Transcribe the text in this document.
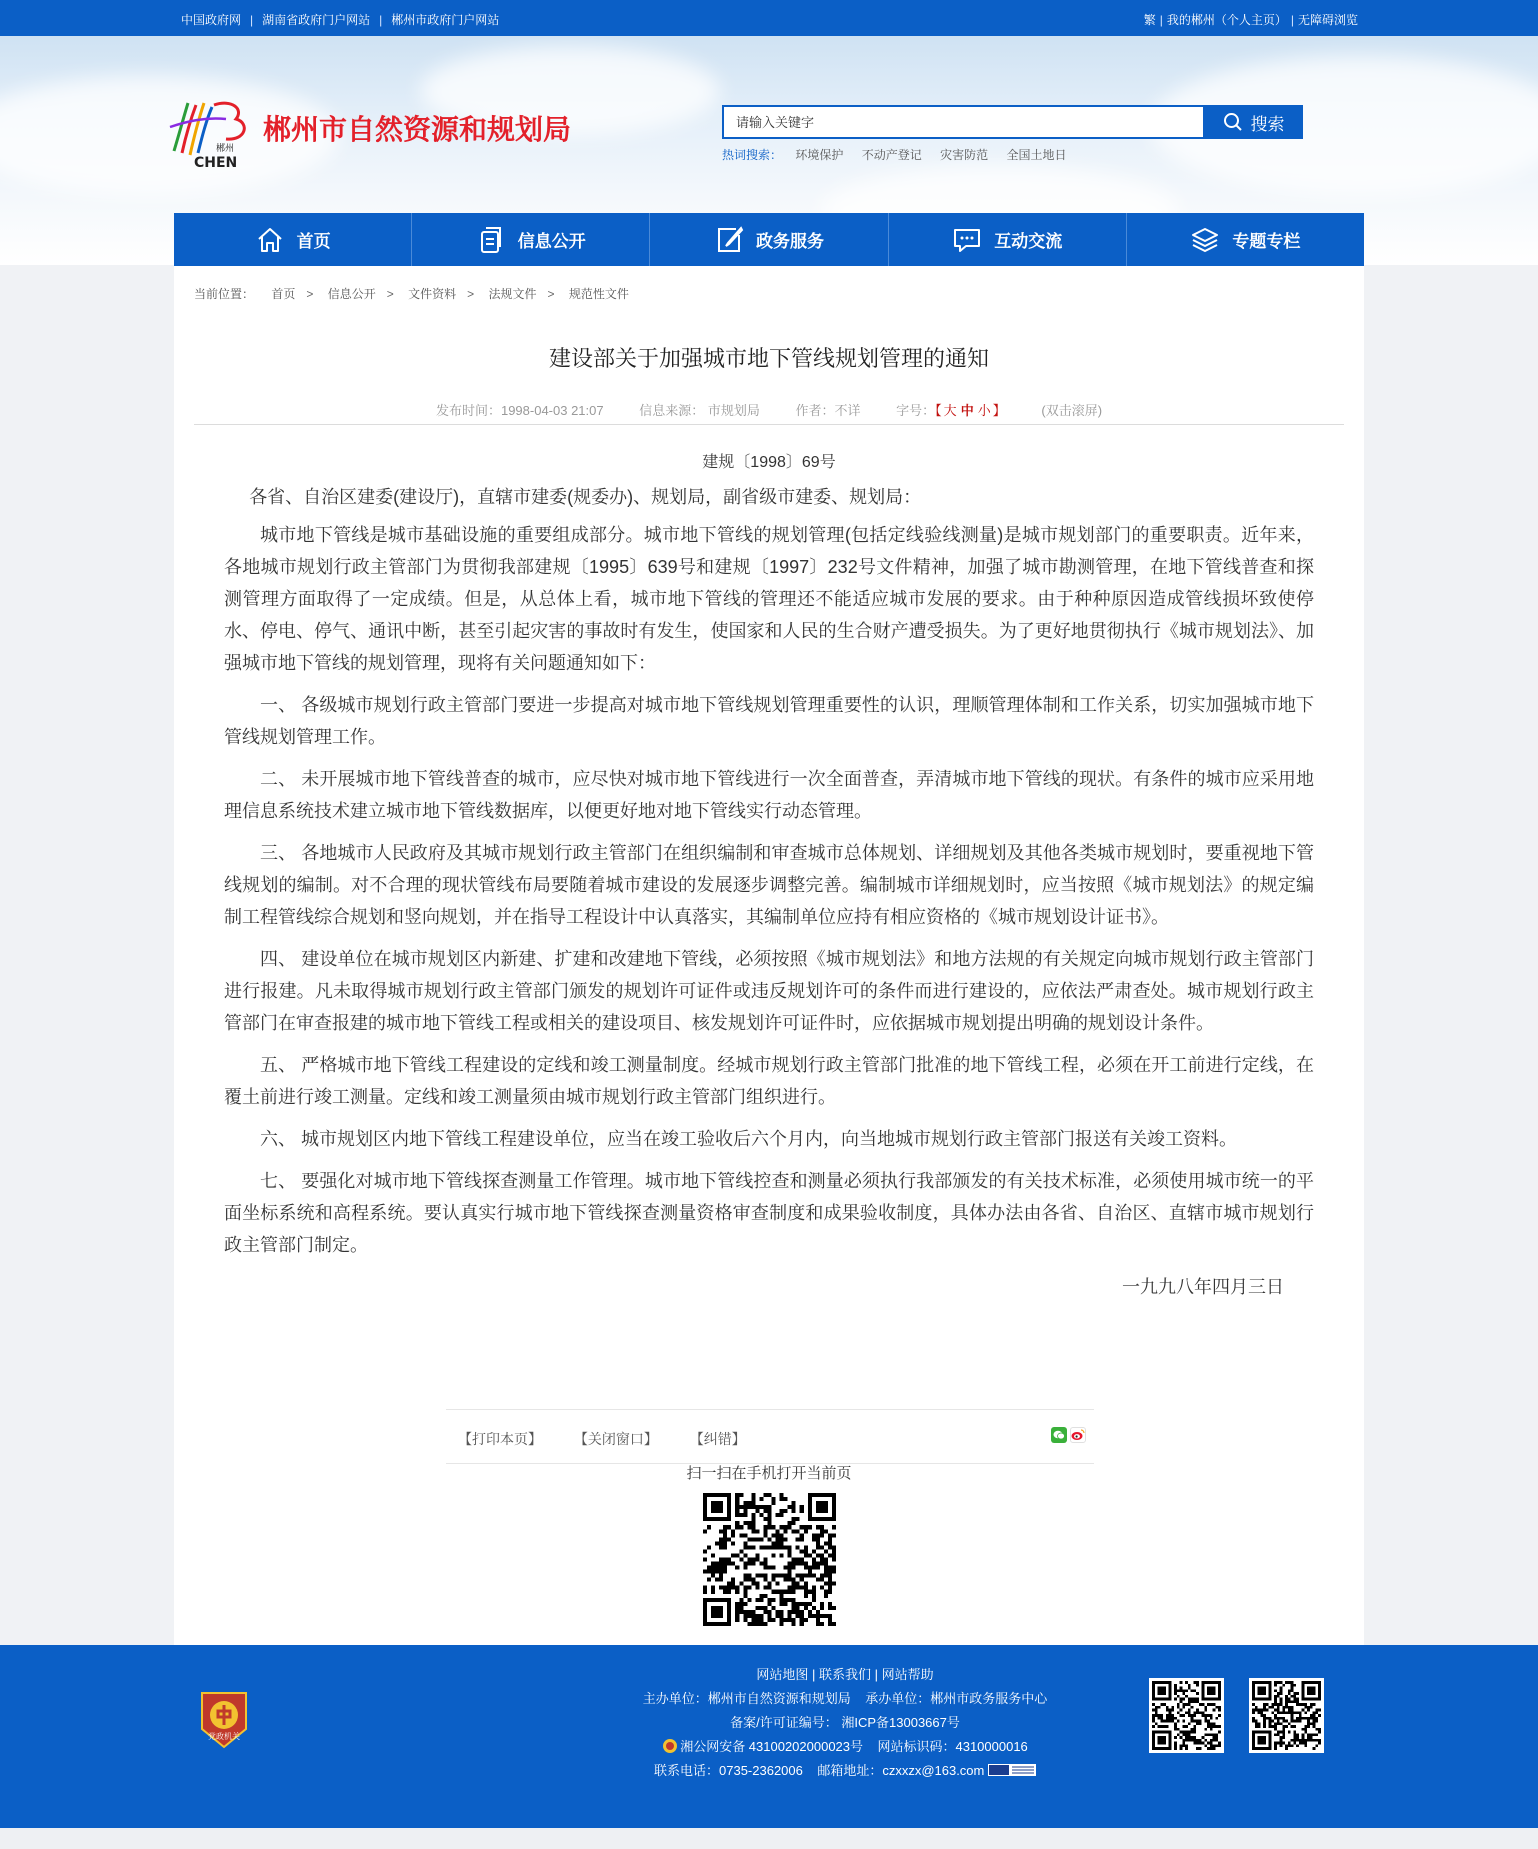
中国政府网 | 湖南省政府门户网站 | 郴州市政府门户网站	繁 | 我的郴州（个人主页） | 无障碍浏览
郴州
CHEN
郴州市自然资源和规划局
请输入关键字	搜索
热词搜索： 环境保护 不动产登记 灾害防范 全国土地日
首页	信息公开	政务服务	互动交流	专题专栏
当前位置： 首页 > 信息公开 > 文件资料 > 法规文件 > 规范性文件
建设部关于加强城市地下管线规划管理的通知
发布时间：1998-04-03 21:07	信息来源： 市规划局	作者：不详	字号：【 大 中 小 】	(双击滚屏)

建规〔1998〕69号

各省、自治区建委(建设厅)，直辖市建委(规委办)、规划局，副省级市建委、规划局：

城市地下管线是城市基础设施的重要组成部分。城市地下管线的规划管理(包括定线验线测量)是城市规划部门的重要职责。近年来，各地城市规划行政主管部门为贯彻我部建规〔1995〕639号和建规〔1997〕232号文件精神，加强了城市勘测管理，在地下管线普查和探测管理方面取得了一定成绩。但是，从总体上看，城市地下管线的管理还不能适应城市发展的要求。由于种种原因造成管线损坏致使停水、停电、停气、通讯中断，甚至引起灾害的事故时有发生，使国家和人民的生合财产遭受损失。为了更好地贯彻执行《城市规划法》、加强城市地下管线的规划管理，现将有关问题通知如下：

一、 各级城市规划行政主管部门要进一步提高对城市地下管线规划管理重要性的认识，理顺管理体制和工作关系，切实加强城市地下管线规划管理工作。

二、 未开展城市地下管线普查的城市，应尽快对城市地下管线进行一次全面普查，弄清城市地下管线的现状。有条件的城市应采用地理信息系统技术建立城市地下管线数据库，以便更好地对地下管线实行动态管理。

三、 各地城市人民政府及其城市规划行政主管部门在组织编制和审查城市总体规划、详细规划及其他各类城市规划时，要重视地下管线规划的编制。对不合理的现状管线布局要随着城市建设的发展逐步调整完善。编制城市详细规划时，应当按照《城市规划法》的规定编制工程管线综合规划和竖向规划，并在指导工程设计中认真落实，其编制单位应持有相应资格的《城市规划设计证书》。

四、 建设单位在城市规划区内新建、扩建和改建地下管线，必须按照《城市规划法》和地方法规的有关规定向城市规划行政主管部门进行报建。凡未取得城市规划行政主管部门颁发的规划许可证件或违反规划许可的条件而进行建设的，应依法严肃查处。城市规划行政主管部门在审查报建的城市地下管线工程或相关的建设项目、核发规划许可证件时，应依据城市规划提出明确的规划设计条件。

五、 严格城市地下管线工程建设的定线和竣工测量制度。经城市规划行政主管部门批准的地下管线工程，必须在开工前进行定线，在覆土前进行竣工测量。定线和竣工测量须由城市规划行政主管部门组织进行。

六、 城市规划区内地下管线工程建设单位，应当在竣工验收后六个月内，向当地城市规划行政主管部门报送有关竣工资料。

七、 要强化对城市地下管线探查测量工作管理。城市地下管线控查和测量必须执行我部颁发的有关技术标准，必须使用城市统一的平面坐标系统和高程系统。要认真实行城市地下管线探查测量资格审查制度和成果验收制度，具体办法由各省、自治区、直辖市城市规划行政主管部门制定。

一九九八年四月三日

【打印本页】 【关闭窗口】 【纠错】
扫一扫在手机打开当前页
党政机关
网站地图 | 联系我们 | 网站帮助
主办单位：郴州市自然资源和规划局 承办单位：郴州市政务服务中心
备案/许可证编号： 湘ICP备13003667号
湘公网安备 43100202000023号 网站标识码：4310000016
联系电话：0735-2362006 邮箱地址：czxxzx@163.com
